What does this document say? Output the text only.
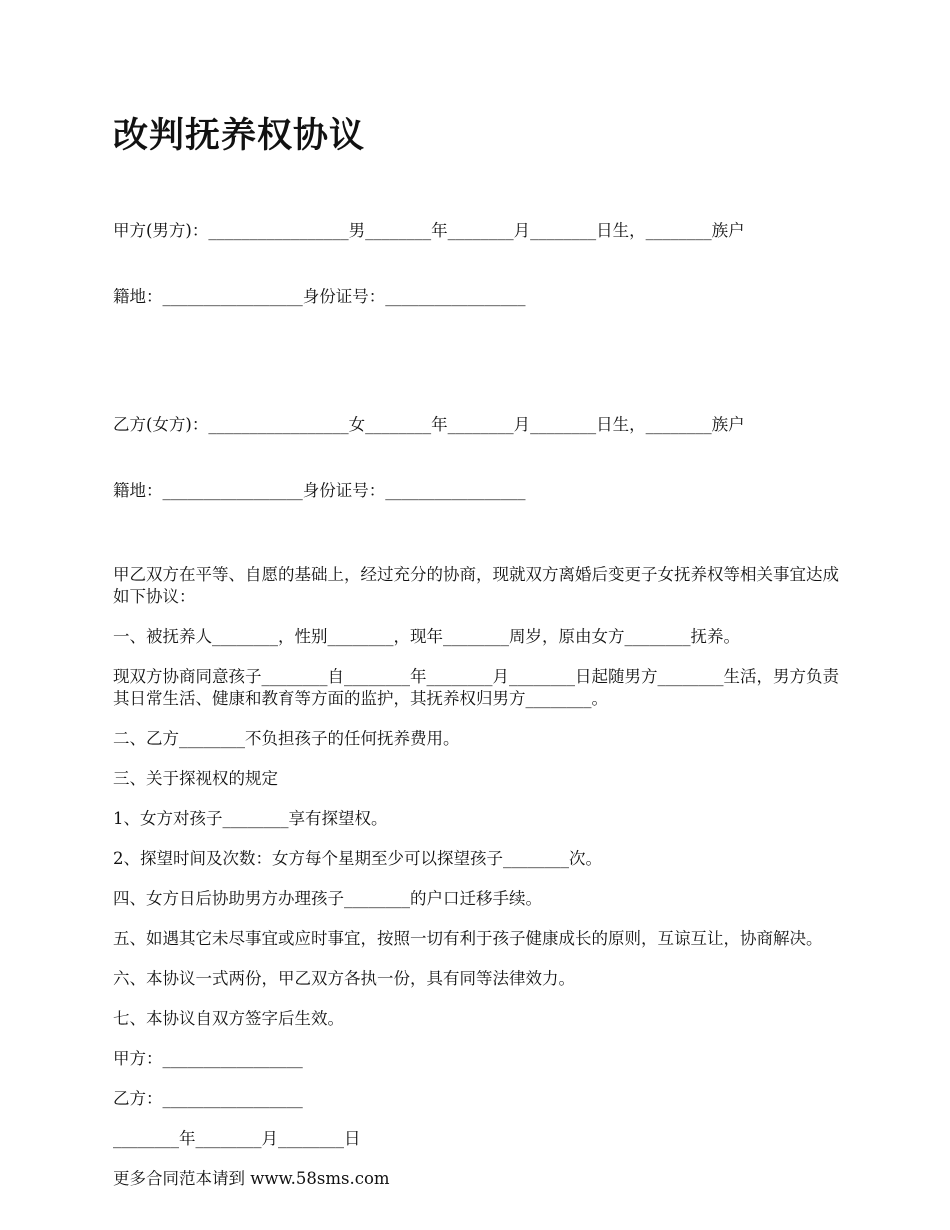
改判抚养权协议

甲方(男方)：_________________男________年________月________日生，________族户

籍地：_________________身份证号：_________________

乙方(女方)：_________________女________年________月________日生，________族户

籍地：_________________身份证号：_________________

甲乙双方在平等、自愿的基础上，经过充分的协商，现就双方离婚后变更子女抚养权等相关事宜达成如下协议：

一、被抚养人________，性别________，现年________周岁，原由女方________抚养。

现双方协商同意孩子________自________年________月________日起随男方________生活，男方负责其日常生活、健康和教育等方面的监护，其抚养权归男方________。

二、乙方________不负担孩子的任何抚养费用。

三、关于探视权的规定

1、女方对孩子________享有探望权。

2、探望时间及次数：女方每个星期至少可以探望孩子________次。

四、女方日后协助男方办理孩子________的户口迁移手续。

五、如遇其它未尽事宜或应时事宜，按照一切有利于孩子健康成长的原则，互谅互让，协商解决。

六、本协议一式两份，甲乙双方各执一份，具有同等法律效力。

七、本协议自双方签字后生效。

甲方：_________________

乙方：_________________

________年________月________日

更多合同范本请到 www.58sms.com
